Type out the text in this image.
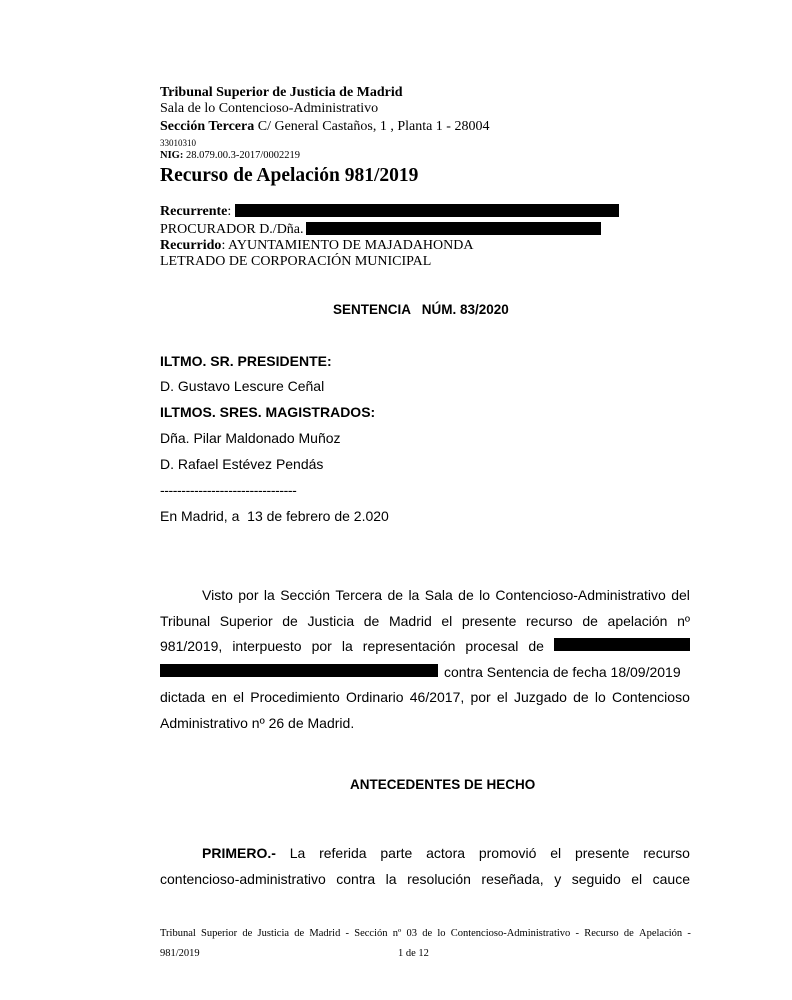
Tribunal Superior de Justicia de Madrid
Sala de lo Contencioso-Administrativo
Sección Tercera C/ General Castaños, 1 , Planta 1 - 28004
33010310
NIG: 28.079.00.3-2017/0002219
Recurso de Apelación 981/2019
Recurrente:
PROCURADOR D./Dña.
Recurrido: AYUNTAMIENTO DE MAJADAHONDA
LETRADO DE CORPORACIÓN MUNICIPAL
SENTENCIA   NÚM. 83/2020
ILTMO. SR. PRESIDENTE:
D. Gustavo Lescure Ceñal
ILTMOS. SRES. MAGISTRADOS:
Dña. Pilar Maldonado Muñoz
D. Rafael Estévez Pendás
--------------------------------
En Madrid, a  13 de febrero de 2.020
Visto por la Sección Tercera de la Sala de lo Contencioso-Administrativo del
Tribunal Superior de Justicia de Madrid el presente recurso de apelación nº
981/2019, interpuesto por la representación procesal de
contra Sentencia de fecha 18/09/2019
dictada en el Procedimiento Ordinario 46/2017, por el Juzgado de lo Contencioso
Administrativo nº 26 de Madrid.
ANTECEDENTES DE HECHO
PRIMERO.- La referida parte actora promovió el presente recurso
contencioso-administrativo contra la resolución reseñada, y seguido el cauce
Tribunal Superior de Justicia de Madrid - Sección nº 03 de lo Contencioso-Administrativo - Recurso de Apelación -
981/2019	1 de 12
